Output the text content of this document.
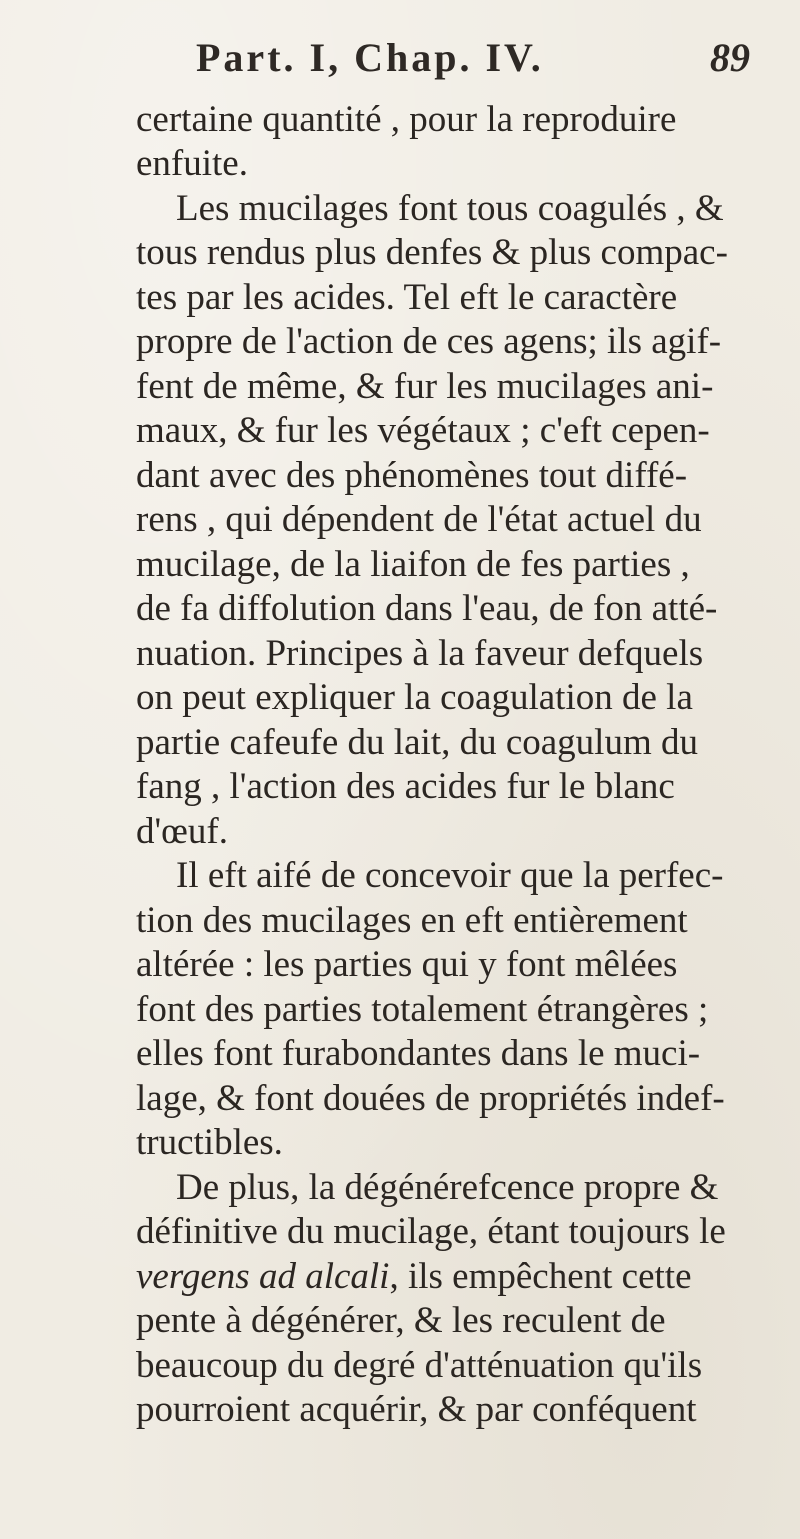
Part. I, Chap. IV.	89
certaine quantité , pour la reproduire
enfuite.
Les mucilages font tous coagulés , &
tous rendus plus denfes & plus compac-
tes par les acides. Tel eft le caractère
propre de l'action de ces agens; ils agif-
fent de même, & fur les mucilages ani-
maux, & fur les végétaux ; c'eft cepen-
dant avec des phénomènes tout diffé-
rens , qui dépendent de l'état actuel du
mucilage, de la liaifon de fes parties ,
de fa diffolution dans l'eau, de fon atté-
nuation. Principes à la faveur defquels
on peut expliquer la coagulation de la
partie cafeufe du lait, du coagulum du
fang , l'action des acides fur le blanc
d'œuf.
Il eft aifé de concevoir que la perfec-
tion des mucilages en eft entièrement
altérée : les parties qui y font mêlées
font des parties totalement étrangères ;
elles font furabondantes dans le muci-
lage, & font douées de propriétés indef-
tructibles.
De plus, la dégénérefcence propre &
définitive du mucilage, étant toujours le
vergens ad alcali, ils empêchent cette
pente à dégénérer, & les reculent de
beaucoup du degré d'atténuation qu'ils
pourroient acquérir, & par conféquent
